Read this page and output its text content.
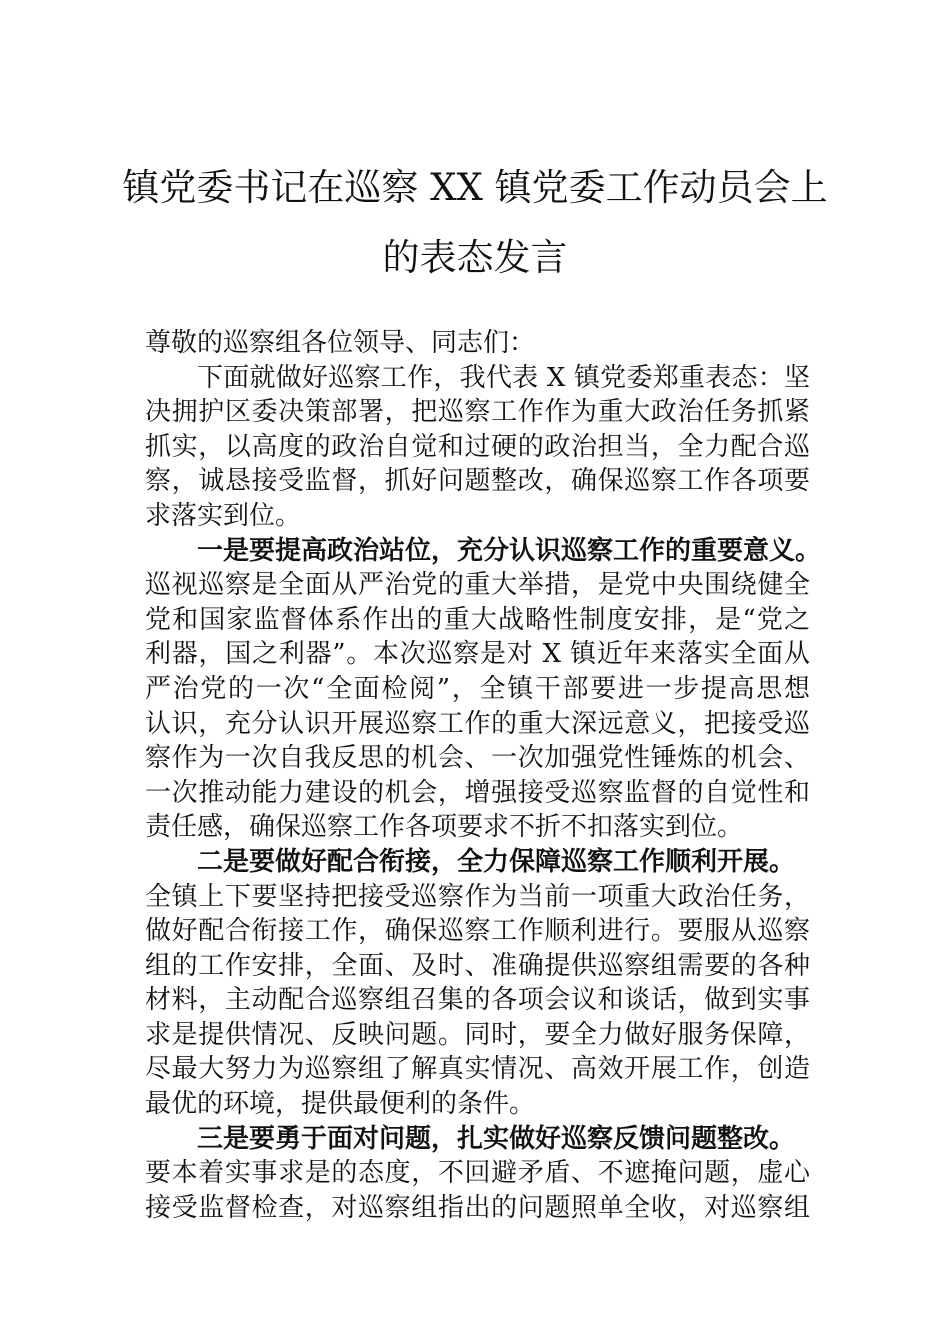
镇党委书记在巡察 XX 镇党委工作动员会上
的表态发言
尊敬的巡察组各位领导、同志们：
下面就做好巡察工作，我代表 X 镇党委郑重表态：坚
决拥护区委决策部署，把巡察工作作为重大政治任务抓紧
抓实，以高度的政治自觉和过硬的政治担当，全力配合巡
察，诚恳接受监督，抓好问题整改，确保巡察工作各项要
求落实到位。
一是要提高政治站位，充分认识巡察工作的重要意义。
巡视巡察是全面从严治党的重大举措，是党中央围绕健全
党和国家监督体系作出的重大战略性制度安排，是“党之
利器，国之利器”。本次巡察是对 X 镇近年来落实全面从
严治党的一次“全面检阅”，全镇干部要进一步提高思想
认识，充分认识开展巡察工作的重大深远意义，把接受巡
察作为一次自我反思的机会、一次加强党性锤炼的机会、
一次推动能力建设的机会，增强接受巡察监督的自觉性和
责任感，确保巡察工作各项要求不折不扣落实到位。
二是要做好配合衔接，全力保障巡察工作顺利开展。
全镇上下要坚持把接受巡察作为当前一项重大政治任务，
做好配合衔接工作，确保巡察工作顺利进行。要服从巡察
组的工作安排，全面、及时、准确提供巡察组需要的各种
材料，主动配合巡察组召集的各项会议和谈话，做到实事
求是提供情况、反映问题。同时，要全力做好服务保障，
尽最大努力为巡察组了解真实情况、高效开展工作，创造
最优的环境，提供最便利的条件。
三是要勇于面对问题，扎实做好巡察反馈问题整改。
要本着实事求是的态度，不回避矛盾、不遮掩问题，虚心
接受监督检查，对巡察组指出的问题照单全收，对巡察组
